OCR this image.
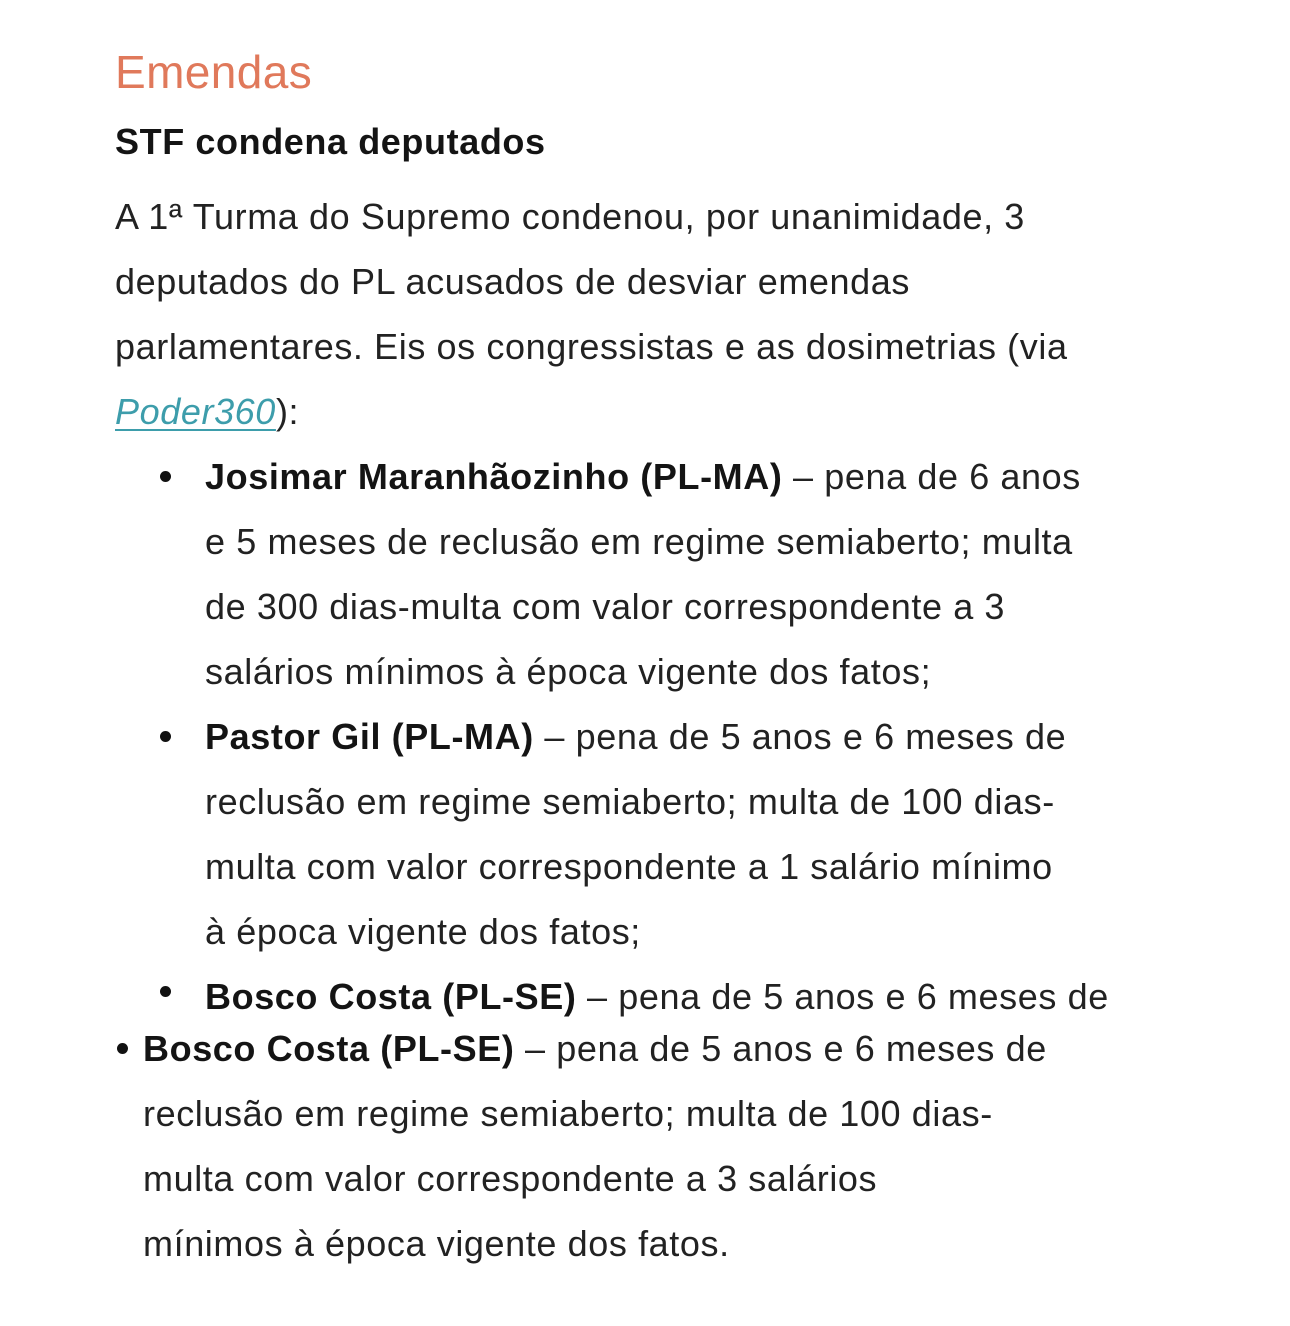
Emendas
STF condena deputados
A 1ª Turma do Supremo condenou, por unanimidade, 3
deputados do PL acusados de desviar emendas
parlamentares. Eis os congressistas e as dosimetrias (via
Poder360):
Josimar Maranhãozinho (PL-MA) – pena de 6 anos
e 5 meses de reclusão em regime semiaberto; multa
de 300 dias-multa com valor correspondente a 3
salários mínimos à época vigente dos fatos;
Pastor Gil (PL-MA) – pena de 5 anos e 6 meses de
reclusão em regime semiaberto; multa de 100 dias-
multa com valor correspondente a 1 salário mínimo
à época vigente dos fatos;
Bosco Costa (PL-SE) – pena de 5 anos e 6 meses de
Bosco Costa (PL-SE) – pena de 5 anos e 6 meses de
reclusão em regime semiaberto; multa de 100 dias-
multa com valor correspondente a 3 salários
mínimos à época vigente dos fatos.
